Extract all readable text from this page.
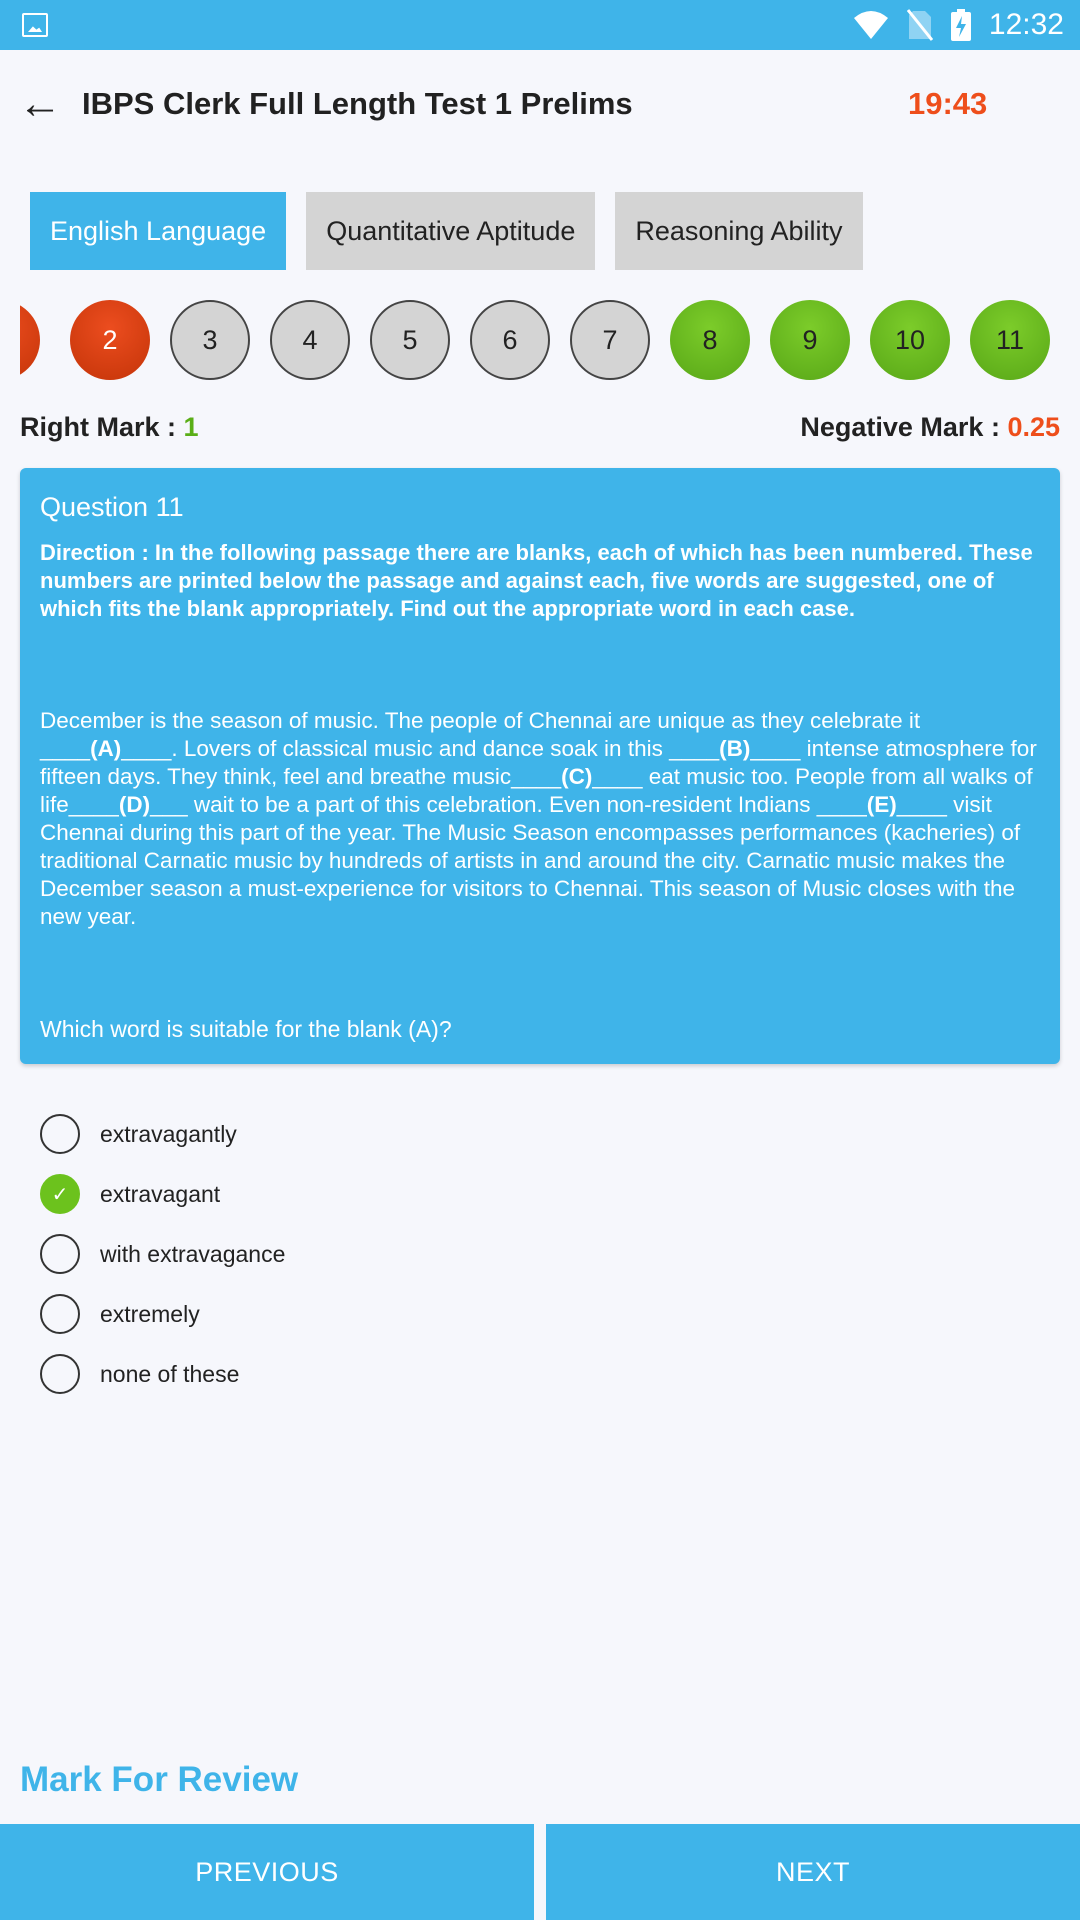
12:32
← IBPS Clerk Full Length Test 1 Prelims	19:43
English Language	Quantitative Aptitude	Reasoning Ability
2	3	4	5	6	7	8	9	10	11
Right Mark : 1	Negative Mark : 0.25
Question 11
Direction : In the following passage there are blanks, each of which has been numbered. These numbers are printed below the passage and against each, five words are suggested, one of which fits the blank appropriately. Find out the appropriate word in each case.
December is the season of music. The people of Chennai are unique as they celebrate it ____(A)____. Lovers of classical music and dance soak in this ____(B)____ intense atmosphere for fifteen days. They think, feel and breathe music____(C)____ eat music too. People from all walks of life____(D)___ wait to be a part of this celebration. Even non-resident Indians ____(E)____ visit Chennai during this part of the year. The Music Season encompasses performances (kacheries) of traditional Carnatic music by hundreds of artists in and around the city. Carnatic music makes the December season a must-experience for visitors to Chennai. This season of Music closes with the new year.
Which word is suitable for the blank (A)?
extravagantly
✓ extravagant
with extravagance
extremely
none of these
Mark For Review
PREVIOUS	NEXT
